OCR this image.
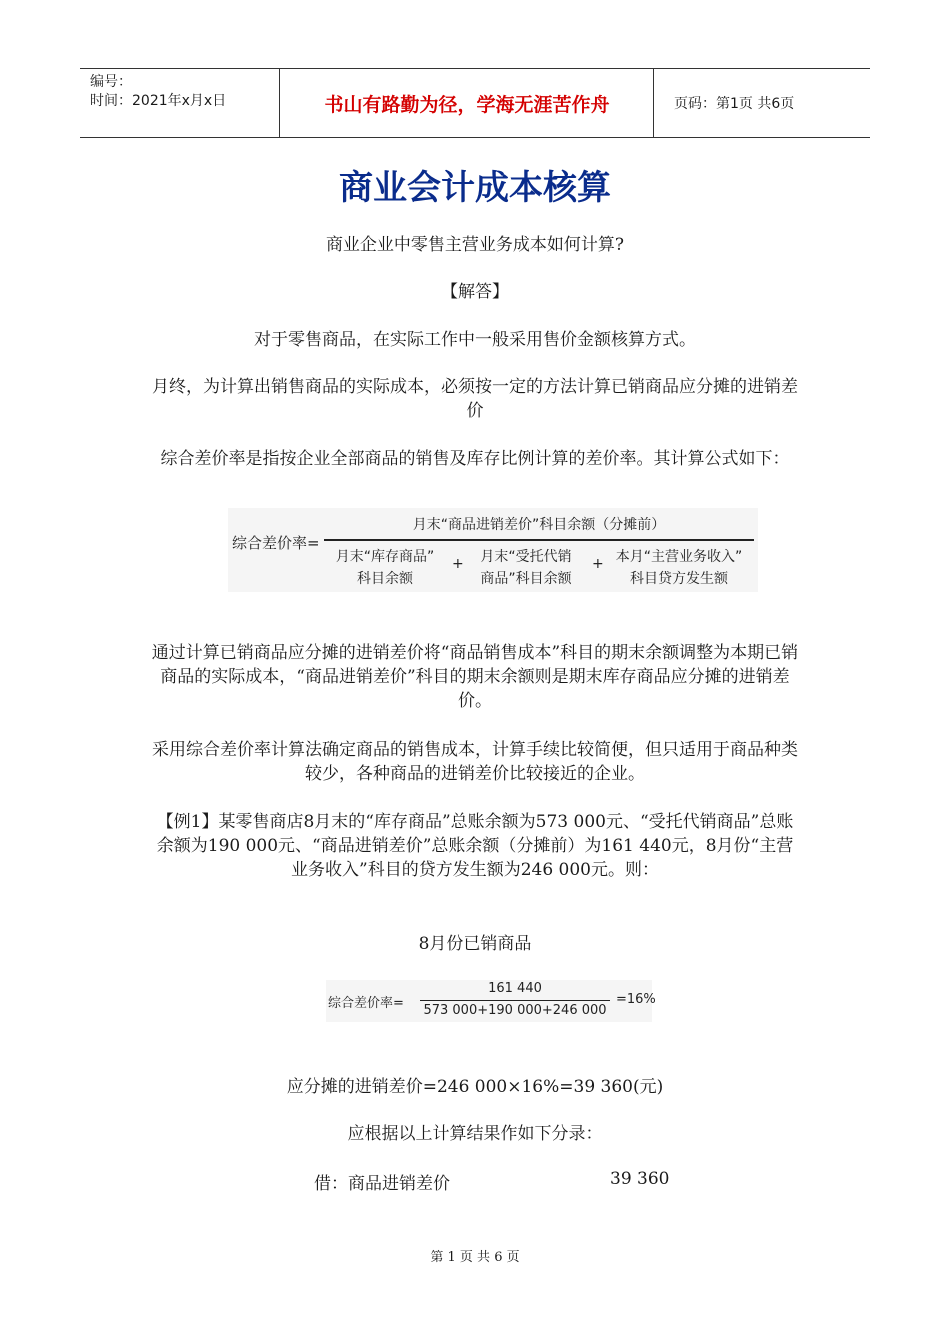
编号：
时间：2021年x月x日	书山有路勤为径，学海无涯苦作舟	页码：第1页 共6页
商业会计成本核算
商业企业中零售主营业务成本如何计算?
【解答】
对于零售商品，在实际工作中一般采用售价金额核算方式。
月终，为计算出销售商品的实际成本，必须按一定的方法计算已销商品应分摊的进销差价
综合差价率是指按企业全部商品的销售及库存比例计算的差价率。其计算公式如下：
综合差价率=
月末“商品进销差价”科目余额（分摊前）
月末“库存商品”
科目余额
+	月末“受托代销
商品”科目余额
+ 本月“主营业务收入”
科目贷方发生额
通过计算已销商品应分摊的进销差价将“商品销售成本”科目的期末余额调整为本期已销商品的实际成本，“商品进销差价”科目的期末余额则是期末库存商品应分摊的进销差价。
采用综合差价率计算法确定商品的销售成本，计算手续比较简便，但只适用于商品种类较少，各种商品的进销差价比较接近的企业。
【例1】某零售商店8月末的“库存商品”总账余额为573 000元、“受托代销商品”总账余额为190 000元、“商品进销差价”总账余额（分摊前）为161 440元，8月份“主营业务收入”科目的贷方发生额为246 000元。则：
8月份已销商品
综合差价率=
161 440
573 000+190 000+246 000
=16%
应分摊的进销差价=246 000×16%=39 360(元)
应根据以上计算结果作如下分录：
借：商品进销差价	39 360
第 1 页 共 6 页
